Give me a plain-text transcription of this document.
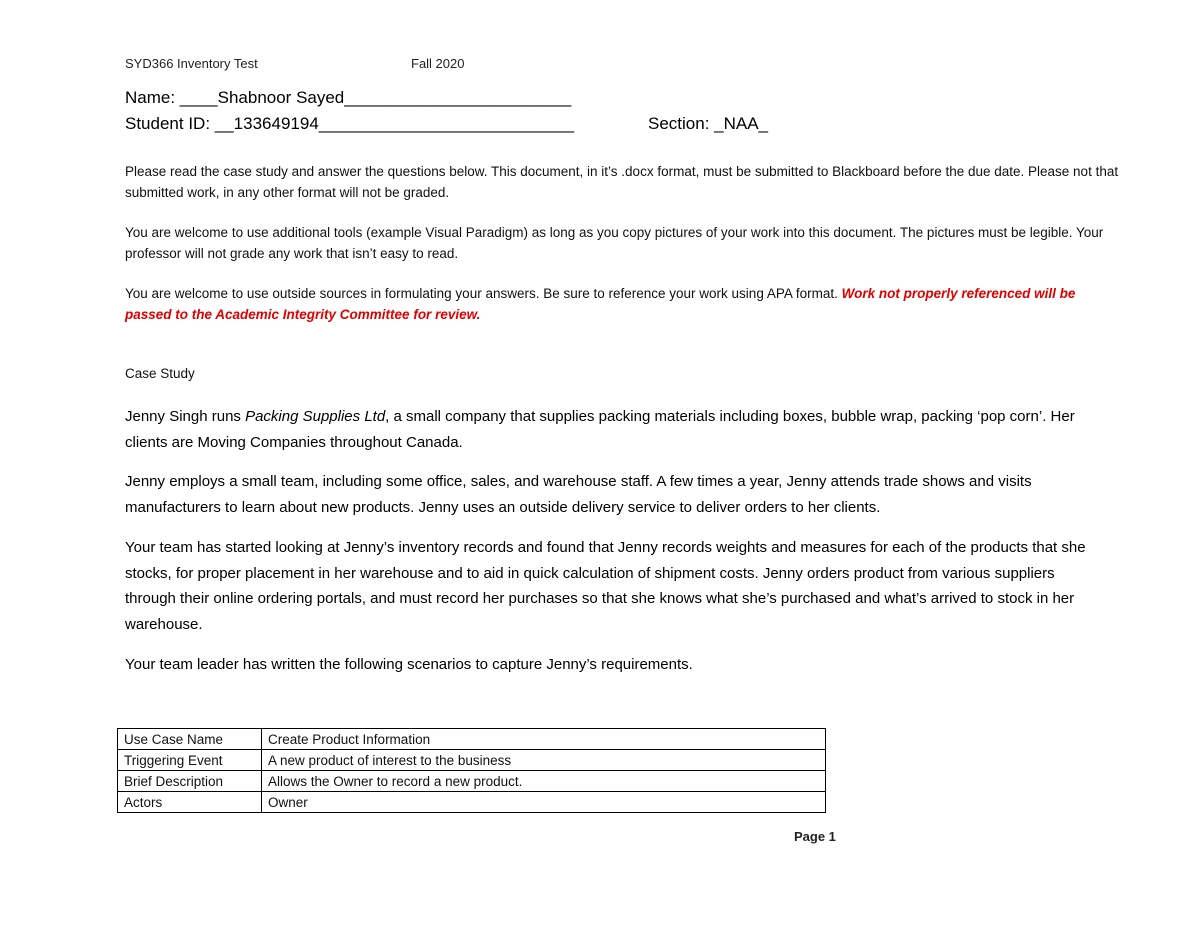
SYD366 Inventory Test	Fall 2020
Name: ____Shabnoor Sayed________________________
Student ID: __133649194___________________________	Section: _NAA_
Please read the case study and answer the questions below. This document, in it’s .docx format, must be submitted to Blackboard before the due date. Please not that submitted work, in any other format will not be graded.
You are welcome to use additional tools (example Visual Paradigm) as long as you copy pictures of your work into this document. The pictures must be legible. Your professor will not grade any work that isn’t easy to read.
You are welcome to use outside sources in formulating your answers. Be sure to reference your work using APA format. Work not properly referenced will be passed to the Academic Integrity Committee for review.
Case Study
Jenny Singh runs Packing Supplies Ltd, a small company that supplies packing materials including boxes, bubble wrap, packing ‘pop corn’. Her clients are Moving Companies throughout Canada.
Jenny employs a small team, including some office, sales, and warehouse staff. A few times a year, Jenny attends trade shows and visits manufacturers to learn about new products. Jenny uses an outside delivery service to deliver orders to her clients.
Your team has started looking at Jenny’s inventory records and found that Jenny records weights and measures for each of the products that she stocks, for proper placement in her warehouse and to aid in quick calculation of shipment costs. Jenny orders product from various suppliers through their online ordering portals, and must record her purchases so that she knows what she’s purchased and what’s arrived to stock in her warehouse.
Your team leader has written the following scenarios to capture Jenny’s requirements.
Use Case Name	Create Product Information
Triggering Event	A new product of interest to the business
Brief Description	Allows the Owner to record a new product.
Actors	Owner
Page 1
